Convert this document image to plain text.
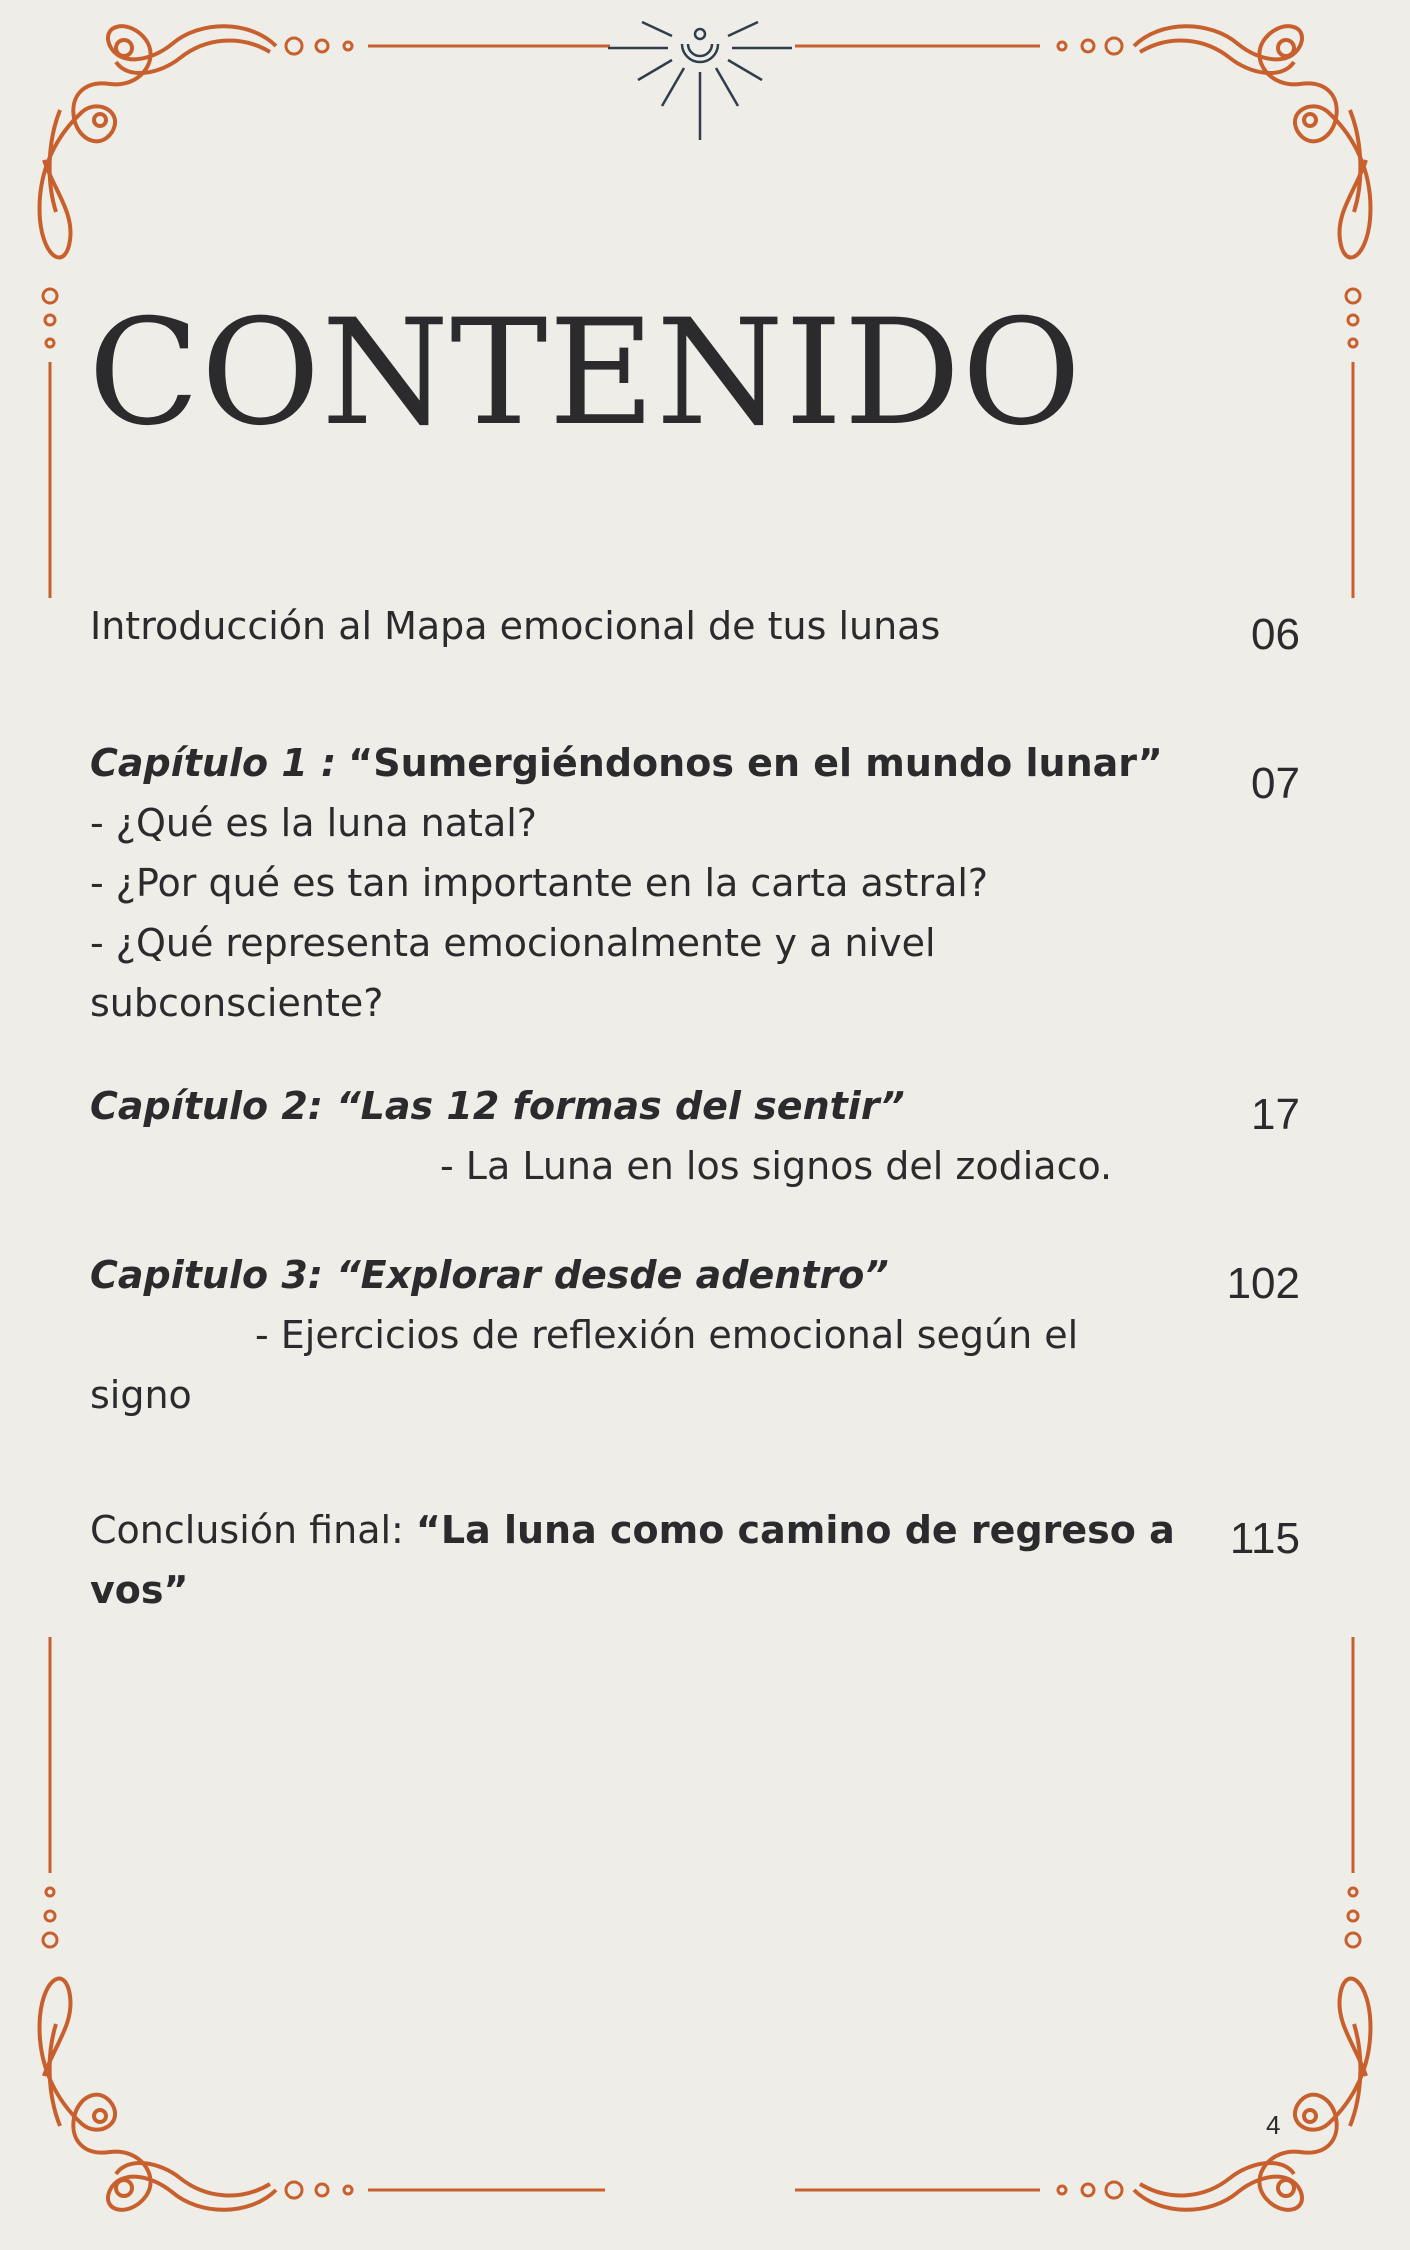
CONTENIDO
Introducción al Mapa emocional de tus lunas	06
Capítulo 1 : “Sumergiéndonos en el mundo lunar”
- ¿Qué es la luna natal?
- ¿Por qué es tan importante en la carta astral?
- ¿Qué representa emocionalmente y a nivel subconsciente?
07
Capítulo 2: “Las 12 formas del sentir”
- La Luna en los signos del zodiaco.
17
Capitulo 3: “Explorar desde adentro”
- Ejercicios de reflexión emocional según el signo
102
Conclusión final: “La luna como camino de regreso a vos”
115
4
